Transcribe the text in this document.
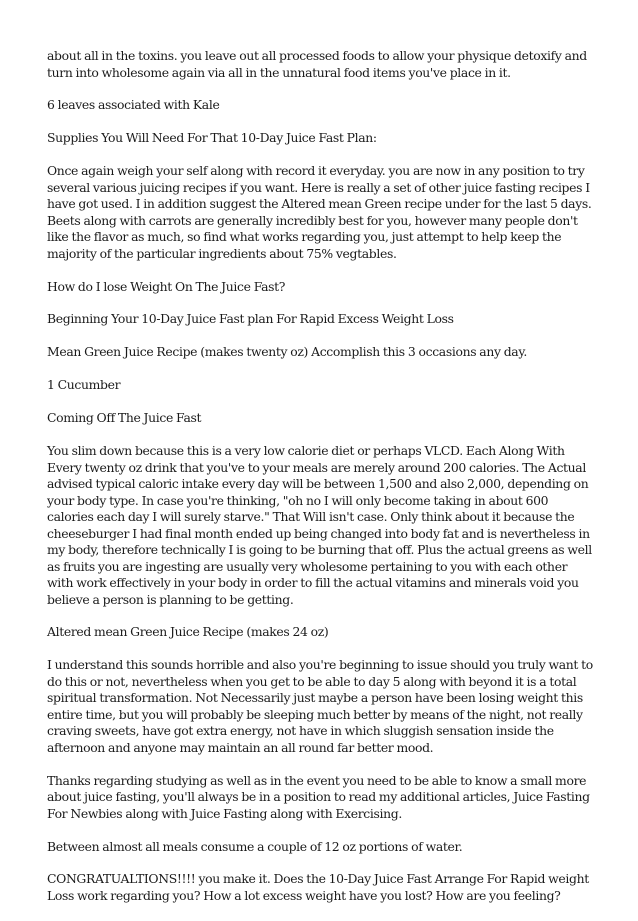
about all in the toxins. you leave out all processed foods to allow your physique detoxify and turn into wholesome again via all in the unnatural food items you've place in it.

6 leaves associated with Kale

Supplies You Will Need For That 10-Day Juice Fast Plan:

Once again weigh your self along with record it everyday. you are now in any position to try several various juicing recipes if you want. Here is really a set of other juice fasting recipes I have got used. I in addition suggest the Altered mean Green recipe under for the last 5 days. Beets along with carrots are generally incredibly best for you, however many people don't like the flavor as much, so find what works regarding you, just attempt to help keep the majority of the particular ingredients about 75% vegtables.

How do I lose Weight On The Juice Fast?

Beginning Your 10-Day Juice Fast plan For Rapid Excess Weight Loss

Mean Green Juice Recipe (makes twenty oz) Accomplish this 3 occasions any day.

1 Cucumber

Coming Off The Juice Fast

You slim down because this is a very low calorie diet or perhaps VLCD. Each Along With Every twenty oz drink that you've to your meals are merely around 200 calories. The Actual advised typical caloric intake every day will be between 1,500 and also 2,000, depending on your body type. In case you're thinking, "oh no I will only become taking in about 600 calories each day I will surely starve." That Will isn't case. Only think about it because the cheeseburger I had final month ended up being changed into body fat and is nevertheless in my body, therefore technically I is going to be burning that off. Plus the actual greens as well as fruits you are ingesting are usually very wholesome pertaining to you with each other with work effectively in your body in order to fill the actual vitamins and minerals void you believe a person is planning to be getting.

Altered mean Green Juice Recipe (makes 24 oz)

I understand this sounds horrible and also you're beginning to issue should you truly want to do this or not, nevertheless when you get to be able to day 5 along with beyond it is a total spiritual transformation. Not Necessarily just maybe a person have been losing weight this entire time, but you will probably be sleeping much better by means of the night, not really craving sweets, have got extra energy, not have in which sluggish sensation inside the afternoon and anyone may maintain an all round far better mood.

Thanks regarding studying as well as in the event you need to be able to know a small more about juice fasting, you'll always be in a position to read my additional articles, Juice Fasting For Newbies along with Juice Fasting along with Exercising.

Between almost all meals consume a couple of 12 oz portions of water.

CONGRATUALTIONS!!!! you make it. Does the 10-Day Juice Fast Arrange For Rapid weight Loss work regarding you? How a lot excess weight have you lost? How are you feeling?
